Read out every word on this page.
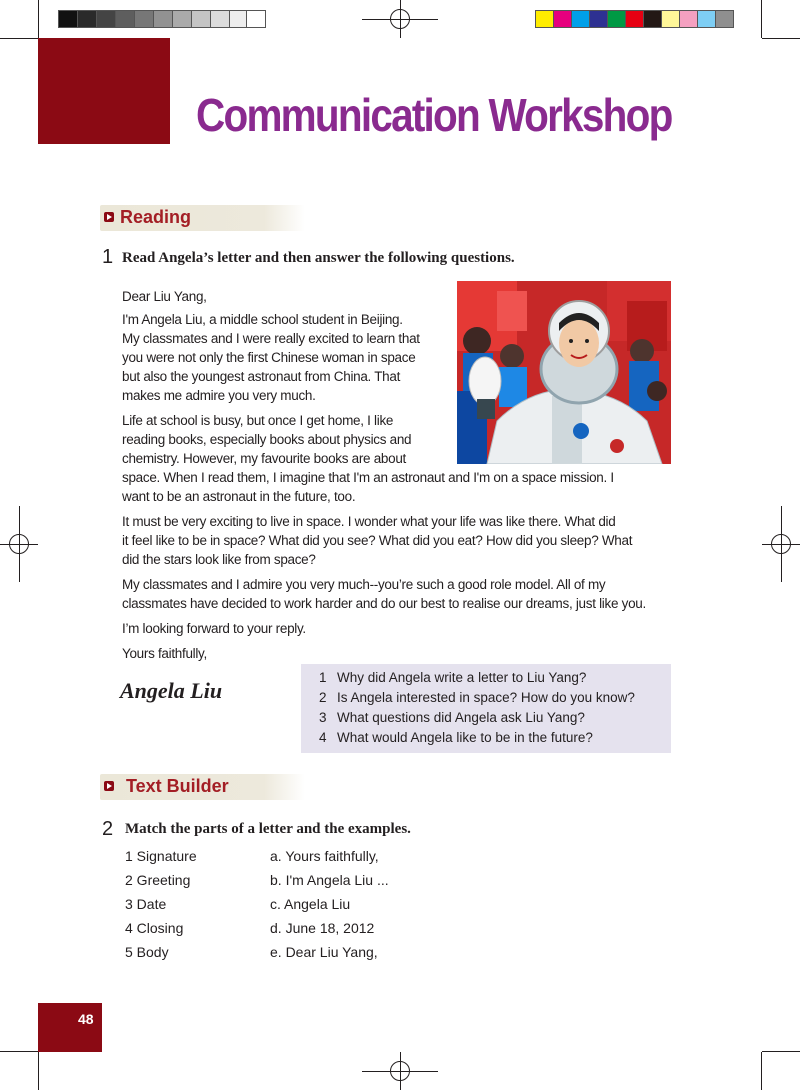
Communication Workshop
Reading
1 Read Angela’s letter and then answer the following questions.

Dear Liu Yang,

I'm Angela Liu, a middle school student in Beijing.

My classmates and I were really excited to learn that

you were not only the first Chinese woman in space

but also the youngest astronaut from China. That

makes me admire you very much.

Life at school is busy, but once I get home, I like

reading books, especially books about physics and

chemistry. However, my favourite books are about

space. When I read them, I imagine that I'm an astronaut and I'm on a space mission. I

want to be an astronaut in the future, too.

It must be very exciting to live in space. I wonder what your life was like there. What did

it feel like to be in space? What did you see? What did you eat? How did you sleep? What

did the stars look like from space?

My classmates and I admire you very much--you’re such a good role model. All of my

classmates have decided to work harder and do our best to realise our dreams, just like you.

I’m looking forward to your reply.

Yours faithfully,

Angela Liu
1 Why did Angela write a letter to Liu Yang?
2 Is Angela interested in space? How do you know?
3 What questions did Angela ask Liu Yang?
4 What would Angela like to be in the future?
Text Builder
2 Match the parts of a letter and the examples.
1 Signature
2 Greeting
3 Date
4 Closing
5 Body
a. Yours faithfully,
b. I'm Angela Liu ...
c. Angela Liu
d. June 18, 2012
e. Dear Liu Yang,
48
